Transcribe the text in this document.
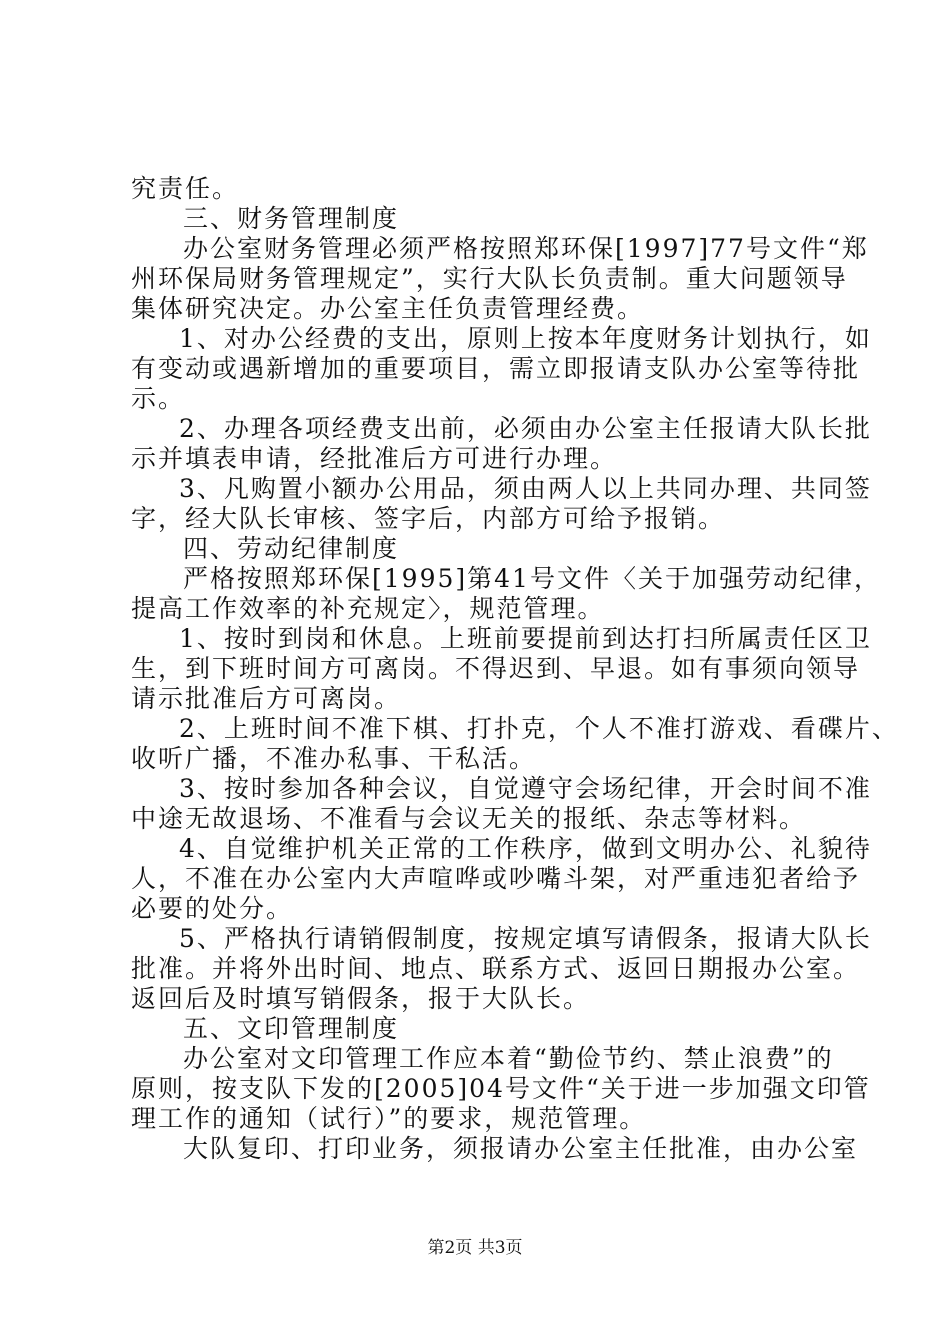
究责任。
三、财务管理制度
办公室财务管理必须严格按照郑环保[1997]77号文件“郑
州环保局财务管理规定”，实行大队长负责制。重大问题领导
集体研究决定。办公室主任负责管理经费。
1、对办公经费的支出，原则上按本年度财务计划执行，如
有变动或遇新增加的重要项目，需立即报请支队办公室等待批
示。
2、办理各项经费支出前，必须由办公室主任报请大队长批
示并填表申请，经批准后方可进行办理。
3、凡购置小额办公用品，须由两人以上共同办理、共同签
字，经大队长审核、签字后，内部方可给予报销。
四、劳动纪律制度
严格按照郑环保[1995]第41号文件〈关于加强劳动纪律，
提高工作效率的补充规定〉，规范管理。
1、按时到岗和休息。上班前要提前到达打扫所属责任区卫
生，到下班时间方可离岗。不得迟到、早退。如有事须向领导
请示批准后方可离岗。
2、上班时间不准下棋、打扑克，个人不准打游戏、看碟片、
收听广播，不准办私事、干私活。
3、按时参加各种会议，自觉遵守会场纪律，开会时间不准
中途无故退场、不准看与会议无关的报纸、杂志等材料。
4、自觉维护机关正常的工作秩序，做到文明办公、礼貌待
人，不准在办公室内大声喧哗或吵嘴斗架，对严重违犯者给予
必要的处分。
5、严格执行请销假制度，按规定填写请假条，报请大队长
批准。并将外出时间、地点、联系方式、返回日期报办公室。
返回后及时填写销假条，报于大队长。
五、文印管理制度
办公室对文印管理工作应本着“勤俭节约、禁止浪费”的
原则，按支队下发的[2005]04号文件“关于进一步加强文印管
理工作的通知（试行）”的要求，规范管理。
大队复印、打印业务，须报请办公室主任批准，由办公室
第2页 共3页
